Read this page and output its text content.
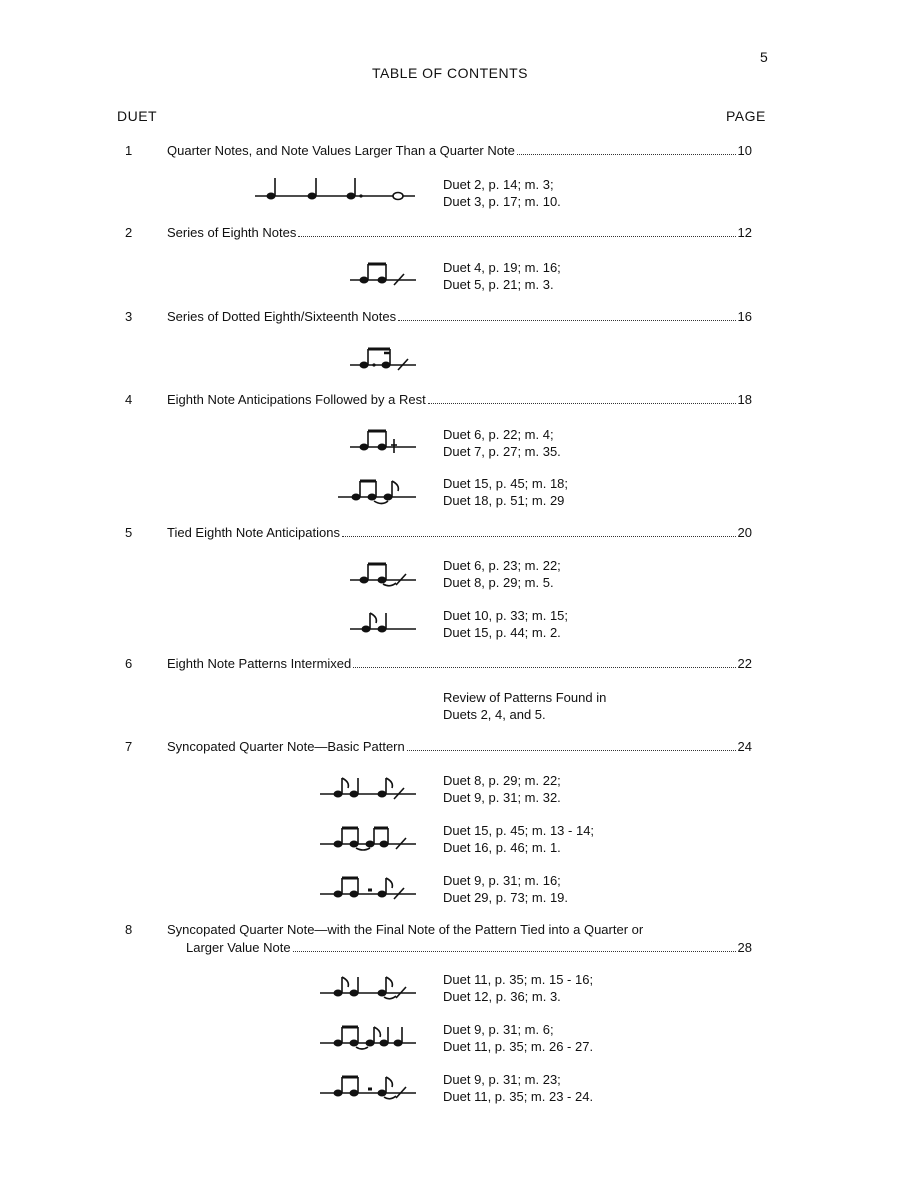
5
TABLE OF CONTENTS
DUET	PAGE
1	Quarter Notes, and Note Values Larger Than a Quarter Note	10
Duet 2, p. 14; m. 3;
Duet 3, p. 17; m. 10.
2	Series of Eighth Notes	12
Duet 4, p. 19; m. 16;
Duet 5, p. 21; m. 3.
3	Series of Dotted Eighth/Sixteenth Notes	16
4	Eighth Note Anticipations Followed by a Rest	18
Duet 6, p. 22; m. 4;
Duet 7, p. 27; m. 35.
Duet 15, p. 45; m. 18;
Duet 18, p. 51; m. 29
5	Tied Eighth Note Anticipations	20
Duet 6, p. 23; m. 22;
Duet 8, p. 29; m. 5.
Duet 10, p. 33; m. 15;
Duet 15, p. 44; m. 2.
6	Eighth Note Patterns Intermixed	22
Review of Patterns Found in
Duets 2, 4, and 5.
7	Syncopated Quarter Note—Basic Pattern	24
Duet 8, p. 29; m. 22;
Duet 9, p. 31; m. 32.
Duet 15, p. 45; m. 13 - 14;
Duet 16, p. 46; m. 1.
Duet 9, p. 31; m. 16;
Duet 29, p. 73; m. 19.
8	Syncopated Quarter Note—with the Final Note of the Pattern Tied into a Quarter or
Larger Value Note	28
Duet 11, p. 35; m. 15 - 16;
Duet 12, p. 36; m. 3.
Duet 9, p. 31; m. 6;
Duet 11, p. 35; m. 26 - 27.
Duet 9, p. 31; m. 23;
Duet 11, p. 35; m. 23 - 24.
